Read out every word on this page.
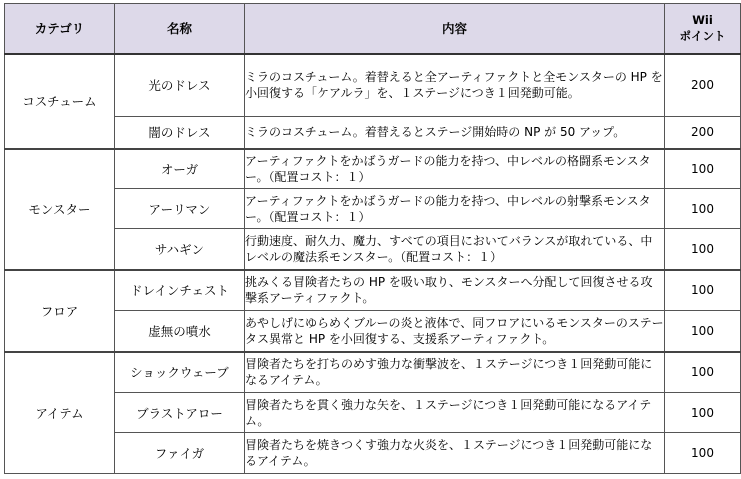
カテゴリ	名称	内容	Wii
ポイント

コスチューム	光のドレス	ミラのコスチューム。着替えると全アーティファクトと全モンスターの HP を小回復する「ケアルラ」を、１ステージにつき１回発動可能。	200
	闇のドレス	ミラのコスチューム。着替えるとステージ開始時の NP が 50 アップ。	200
モンスター	オーガ	アーティファクトをかばうガードの能力を持つ、中レベルの格闘系モンスター。（配置コスト：１）	100
	アーリマン	アーティファクトをかばうガードの能力を持つ、中レベルの射撃系モンスター。（配置コスト：１）	100
	サハギン	行動速度、耐久力、魔力、すべての項目においてバランスが取れている、中レベルの魔法系モンスター。（配置コスト：１）	100
フロア	ドレインチェスト	挑みくる冒険者たちの HP を吸い取り、モンスターへ分配して回復させる攻撃系アーティファクト。	100
	虚無の噴水	あやしげにゆらめくブルーの炎と液体で、同フロアにいるモンスターのステータス異常と HP を小回復する、支援系アーティファクト。	100
アイテム	ショックウェーブ	冒険者たちを打ちのめす強力な衝撃波を、１ステージにつき１回発動可能になるアイテム。	100
	ブラストアロー	冒険者たちを貫く強力な矢を、１ステージにつき１回発動可能になるアイテム。	100
	ファイガ	冒険者たちを焼きつくす強力な火炎を、１ステージにつき１回発動可能になるアイテム。	100
